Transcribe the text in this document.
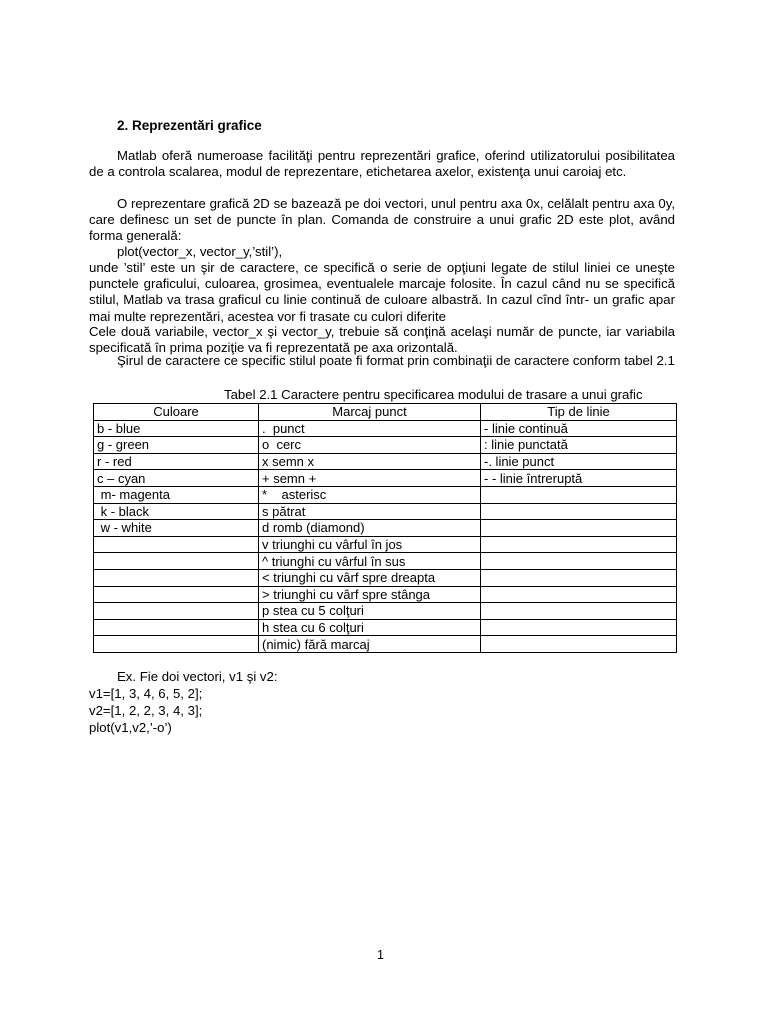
2. Reprezentări grafice

Matlab oferă numeroase facilităţi pentru reprezentări grafice, oferind utilizatorului posibilitatea de a controla scalarea, modul de reprezentare, etichetarea axelor, existenţa unui caroiaj etc.

O reprezentare grafică 2D se bazează pe doi vectori, unul pentru axa 0x, celălalt pentru axa 0y, care definesc un set de puncte în plan. Comanda de construire a unui grafic 2D este plot, având forma generală:

plot(vector_x, vector_y,’stil’),

unde ’stil’ este un şir de caractere, ce specifică o serie de opţiuni legate de stilul liniei ce uneşte punctele graficului, culoarea, grosimea, eventualele marcaje folosite. În cazul când nu se specifică stilul, Matlab va trasa graficul cu linie continuă de culoare albastră. In cazul cînd într- un grafic apar mai multe reprezentări, acestea vor fi trasate cu culori diferite

Cele două variabile, vector_x şi vector_y, trebuie să conţină acelaşi număr de puncte, iar variabila specificată în prima poziţie va fi reprezentată pe axa orizontală.

Şirul de caractere ce specific stilul poate fi format prin combinaţii de caractere conform tabel 2.1

Tabel 2.1 Caractere pentru specificarea modului de trasare a unui grafic
Culoare	Marcaj punct	Tip de linie
b - blue	.  punct	- linie continuă
g - green	o  cerc	: linie punctată
r - red	x semn x	-. linie punct
c – cyan	+ semn +	- - linie întreruptă
m- magenta	*    asterisc	
k - black	s pătrat	
w - white	d romb (diamond)	
	v triunghi cu vârful în jos	
	^ triunghi cu vârful în sus	
	< triunghi cu vârf spre dreapta	
	> triunghi cu vârf spre stânga	
	p stea cu 5 colţuri	
	h stea cu 6 colţuri	
	(nimic) fără marcaj	
Ex. Fie doi vectori, v1 şi v2:
v1=[1, 3, 4, 6, 5, 2];
v2=[1, 2, 2, 3, 4, 3];
plot(v1,v2,’-o’)
1
